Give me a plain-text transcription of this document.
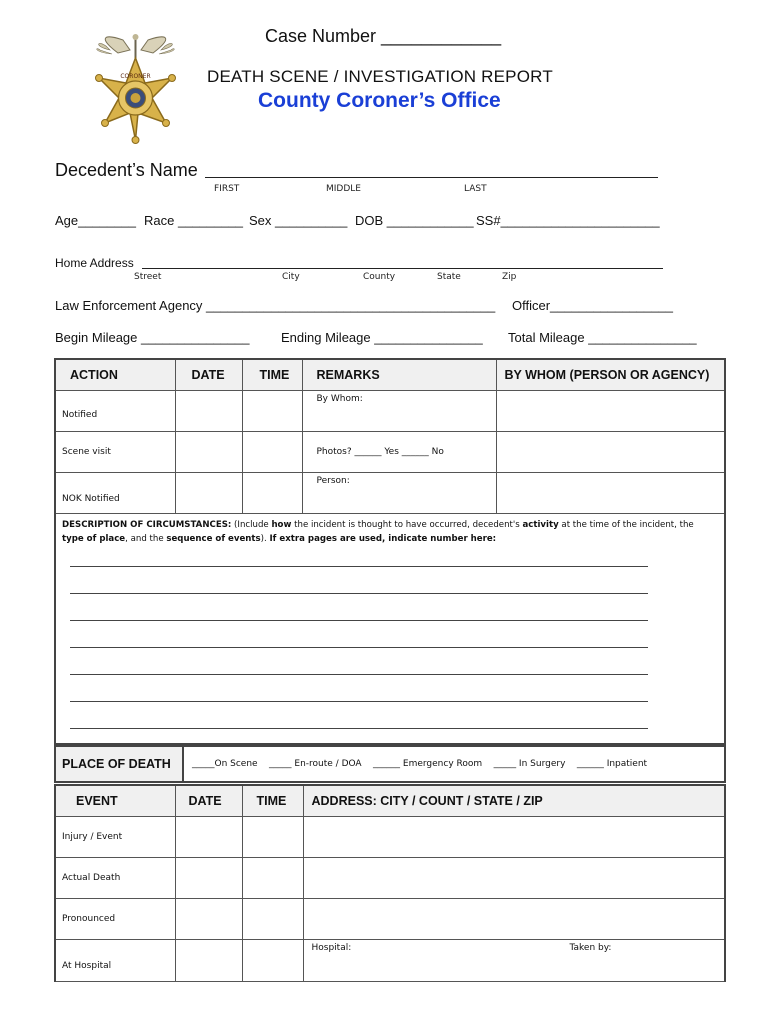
CORONER
Case Number ____________
DEATH SCENE / INVESTIGATION REPORT
County Coroner’s Office
Decedent’s Name
FIRST	MIDDLE	LAST
Age________ Race _________ Sex __________ DOB ____________ SS#______________________
Home Address
Street	City	County	State	Zip
Law Enforcement Agency ________________________________________ Officer_________________
Begin Mileage _______________ Ending Mileage _______________ Total Mileage _______________
ACTION	DATE	TIME	REMARKS	BY WHOM (PERSON OR AGENCY)
Notified			By Whom:	
Scene visit			Photos? ______ Yes ______ No	
NOK Notified			Person:	

DESCRIPTION OF CIRCUMSTANCES: (Include how the incident is thought to have occurred, decedent's activity at the time of the incident, the type of place, and the sequence of events). If extra pages are used, indicate number here:				
PLACE OF DEATH	_____On Scene    _____ En-route / DOA    ______ Emergency Room    _____ In Surgery    ______ Inpatient
EVENT	DATE	TIME	ADDRESS: CITY / COUNT / STATE / ZIP
Injury / Event			
Actual Death			
Pronounced			
At Hospital			Hospital: Taken by:
